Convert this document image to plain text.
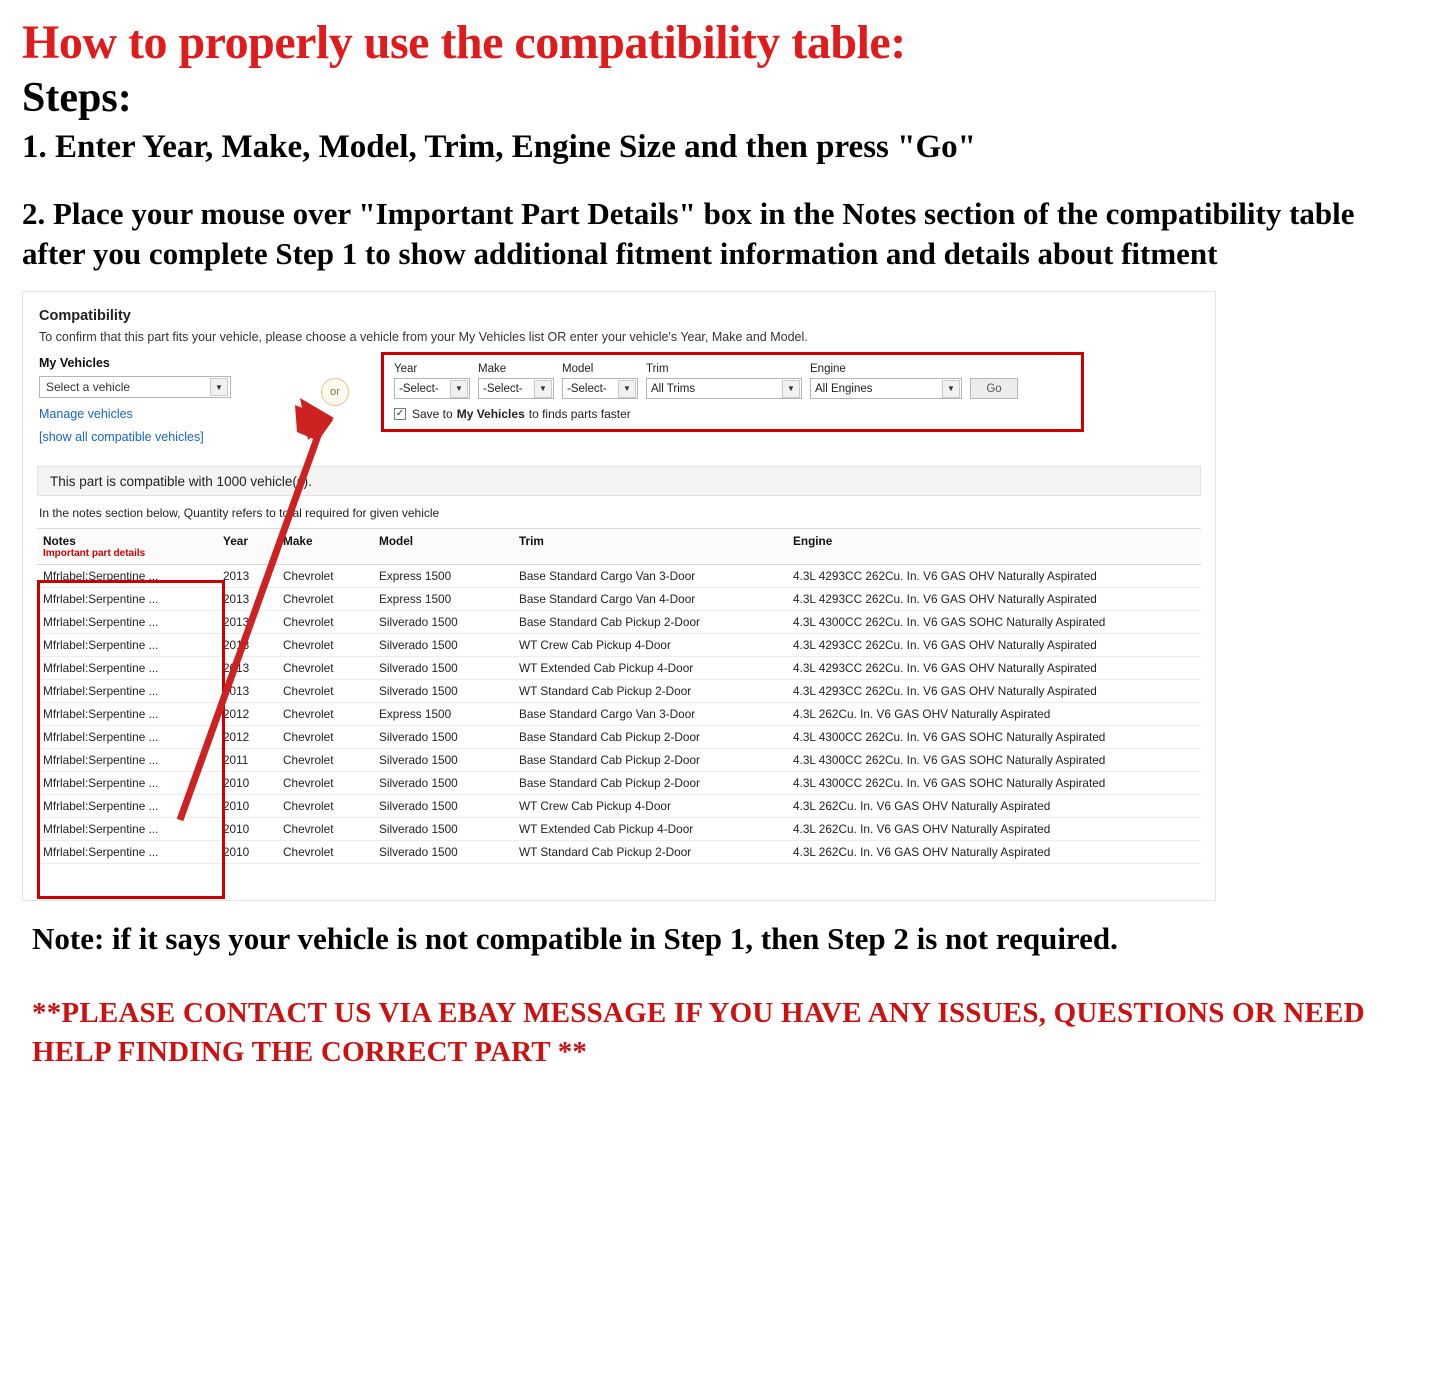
How to properly use the compatibility table:
Steps:
1. Enter Year, Make, Model, Trim, Engine Size and then press "Go"
2. Place your mouse over "Important Part Details" box in the Notes section of the compatibility table after you complete Step 1 to show additional fitment information and details about fitment
Compatibility
To confirm that this part fits your vehicle, please choose a vehicle from your My Vehicles list OR enter your vehicle's Year, Make and Model.
My Vehicles
Select a vehicle	▼
Manage vehicles
[show all compatible vehicles]
or
Year
-Select-	▼
Make
-Select-	▼
Model
-Select-	▼
Trim
All Trims	▼
Engine
All Engines	▼	Go
✓ Save to My Vehicles to finds parts faster
This part is compatible with 1000 vehicle(s).
In the notes section below, Quantity refers to total required for given vehicle
Notes
Important part details	Year	Make	Model	Trim	Engine
Mfrlabel:Serpentine ...	2013	Chevrolet	Express 1500	Base Standard Cargo Van 3-Door	4.3L 4293CC 262Cu. In. V6 GAS OHV Naturally Aspirated
Mfrlabel:Serpentine ...	2013	Chevrolet	Express 1500	Base Standard Cargo Van 4-Door	4.3L 4293CC 262Cu. In. V6 GAS OHV Naturally Aspirated
Mfrlabel:Serpentine ...	2013	Chevrolet	Silverado 1500	Base Standard Cab Pickup 2-Door	4.3L 4300CC 262Cu. In. V6 GAS SOHC Naturally Aspirated
Mfrlabel:Serpentine ...	2013	Chevrolet	Silverado 1500	WT Crew Cab Pickup 4-Door	4.3L 4293CC 262Cu. In. V6 GAS OHV Naturally Aspirated
Mfrlabel:Serpentine ...	2013	Chevrolet	Silverado 1500	WT Extended Cab Pickup 4-Door	4.3L 4293CC 262Cu. In. V6 GAS OHV Naturally Aspirated
Mfrlabel:Serpentine ...	2013	Chevrolet	Silverado 1500	WT Standard Cab Pickup 2-Door	4.3L 4293CC 262Cu. In. V6 GAS OHV Naturally Aspirated
Mfrlabel:Serpentine ...	2012	Chevrolet	Express 1500	Base Standard Cargo Van 3-Door	4.3L 262Cu. In. V6 GAS OHV Naturally Aspirated
Mfrlabel:Serpentine ...	2012	Chevrolet	Silverado 1500	Base Standard Cab Pickup 2-Door	4.3L 4300CC 262Cu. In. V6 GAS SOHC Naturally Aspirated
Mfrlabel:Serpentine ...	2011	Chevrolet	Silverado 1500	Base Standard Cab Pickup 2-Door	4.3L 4300CC 262Cu. In. V6 GAS SOHC Naturally Aspirated
Mfrlabel:Serpentine ...	2010	Chevrolet	Silverado 1500	Base Standard Cab Pickup 2-Door	4.3L 4300CC 262Cu. In. V6 GAS SOHC Naturally Aspirated
Mfrlabel:Serpentine ...	2010	Chevrolet	Silverado 1500	WT Crew Cab Pickup 4-Door	4.3L 262Cu. In. V6 GAS OHV Naturally Aspirated
Mfrlabel:Serpentine ...	2010	Chevrolet	Silverado 1500	WT Extended Cab Pickup 4-Door	4.3L 262Cu. In. V6 GAS OHV Naturally Aspirated
Mfrlabel:Serpentine ...	2010	Chevrolet	Silverado 1500	WT Standard Cab Pickup 2-Door	4.3L 262Cu. In. V6 GAS OHV Naturally Aspirated
Note: if it says your vehicle is not compatible in Step 1, then Step 2 is not required.
**PLEASE CONTACT US VIA EBAY MESSAGE IF YOU HAVE ANY ISSUES, QUESTIONS OR NEED HELP FINDING THE CORRECT PART **
